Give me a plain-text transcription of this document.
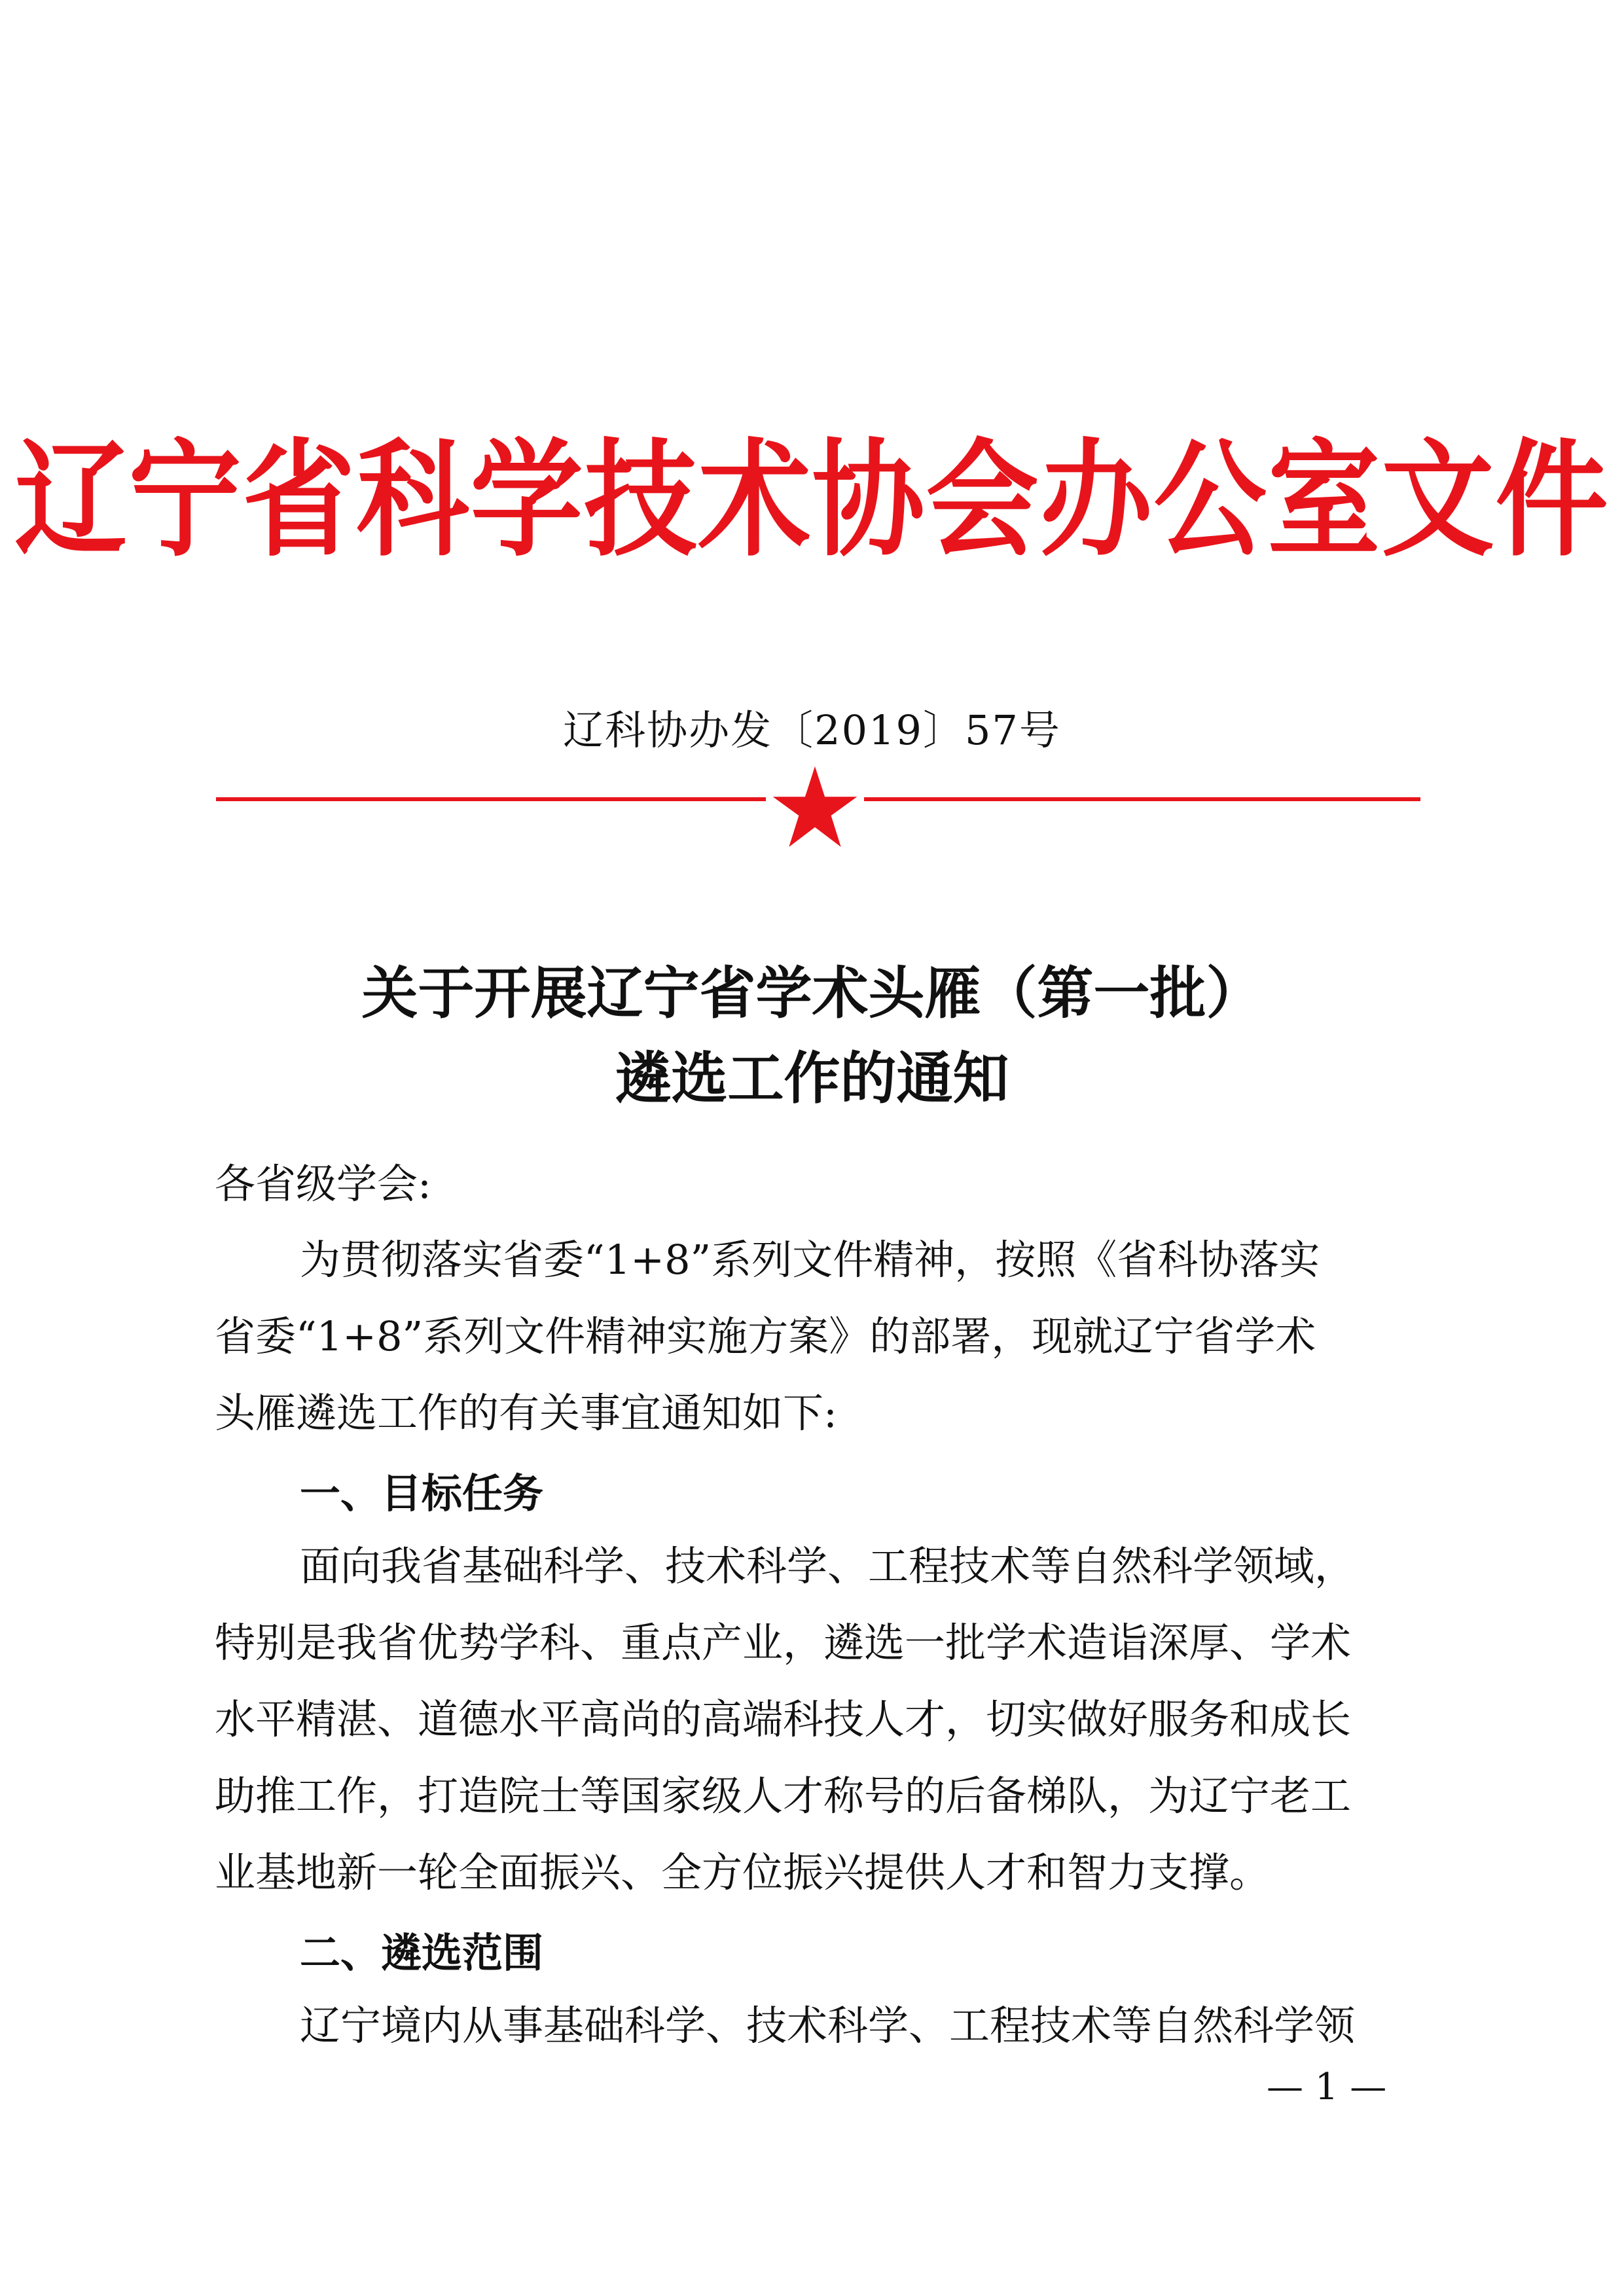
辽宁省科学技术协会办公室文件
辽科协办发〔2019〕57号
关于开展辽宁省学术头雁（第一批）
遴选工作的通知
各省级学会:
为贯彻落实省委“1+8”系列文件精神，按照《省科协落实
省委“1+8”系列文件精神实施方案》的部署，现就辽宁省学术
头雁遴选工作的有关事宜通知如下:
一、目标任务
面向我省基础科学、技术科学、工程技术等自然科学领域，
特别是我省优势学科、重点产业，遴选一批学术造诣深厚、学术
水平精湛、道德水平高尚的高端科技人才，切实做好服务和成长
助推工作，打造院士等国家级人才称号的后备梯队，为辽宁老工
业基地新一轮全面振兴、全方位振兴提供人才和智力支撑。
二、遴选范围
辽宁境内从事基础科学、技术科学、工程技术等自然科学领
— 1 —
